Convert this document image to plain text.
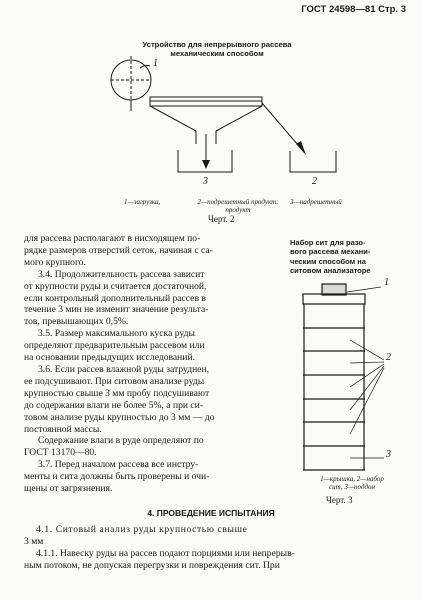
ГОСТ 24598—81 Стр. 3
Устройство для непрерывного рассева
механическим способом
1
3	2
1—загрузка,	2—подрешетный продукт:
продукт
3—надрешетный
Черт. 2
для рассева располагают в нисходящем по-
рядке размеров отверстий сеток, начиная с са-
мого крупного.
3.4. Продолжительность рассева зависит
от крупности руды и считается достаточной,
если контрольный дополнительный рассев в
течение 3 мин не изменит значение результа-
тов, превышающих 0,5%.
3.5. Размер максимального куска руды
определяют предварительным рассевом или
на основании предыдущих исследований.
3.6. Если рассев влажной руды затруднен,
ее подсушивают. При ситовом анализе руды
крупностью свыше 3 мм пробу подсушивают
до содержания влаги не более 5%, а при си-
товом анализе руды крупностью до 3 мм — до
постоянной массы.
Содержание влаги в руде определяют по
ГОСТ 13170—80.
3.7. Перед началом рассева все инстру-
менты и сита должны быть проверены и очи-
щены от загрязнения.
Набор сит для разо-
вого рассева механи-
ческим способом на
ситовом анализаторе
1
2
3
1—крышка, 2—набор
сит, 3—поддон
Черт. 3
4. ПРОВЕДЕНИЕ ИСПЫТАНИЯ
4.1. Ситовый анализ руды крупностью свыше
3 мм
4.1.1. Навеску руды на рассев подают порциями или непрерыв-
ным потоком, не допуская перегрузки и повреждения сит. При
